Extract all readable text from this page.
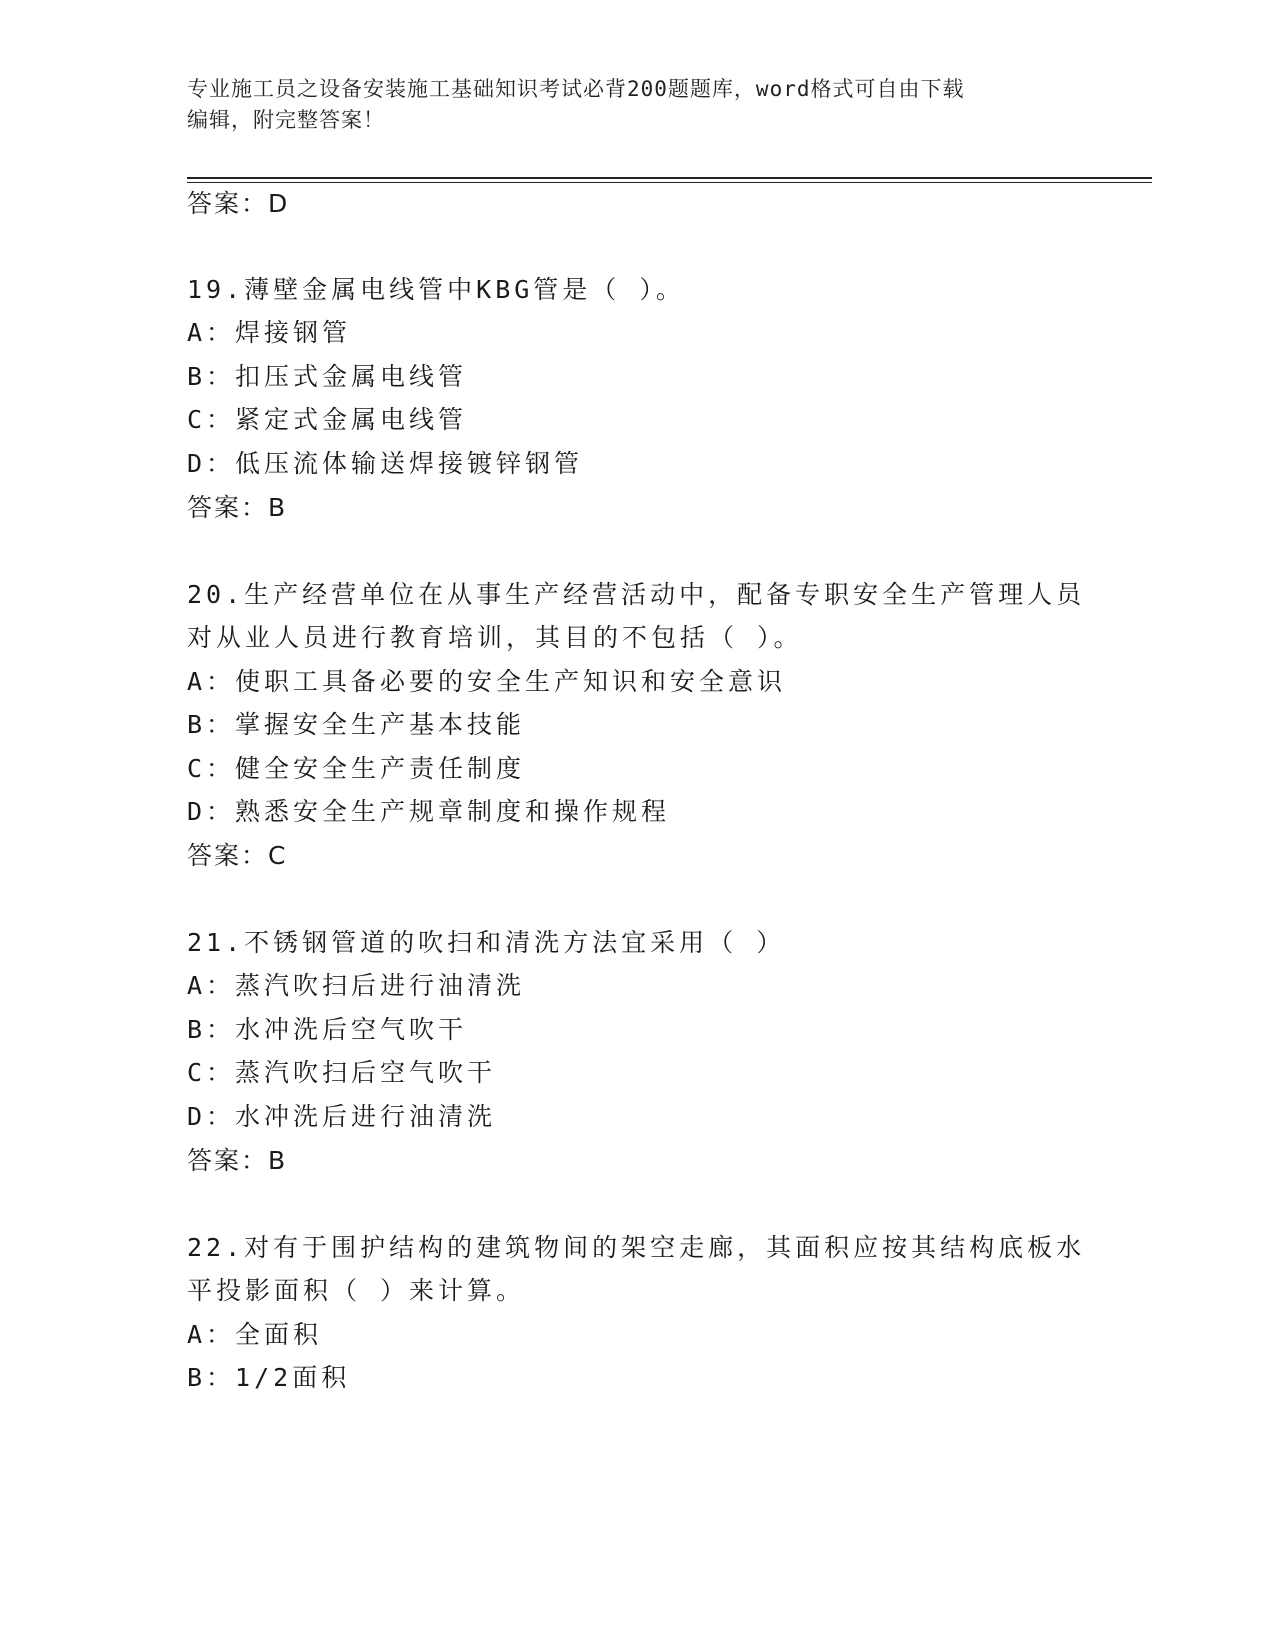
专业施工员之设备安装施工基础知识考试必背200题题库，word格式可自由下载
编辑，附完整答案！
答案：D
19.薄壁金属电线管中KBG管是（ ）。
A：焊接钢管
B：扣压式金属电线管
C：紧定式金属电线管
D：低压流体输送焊接镀锌钢管
答案：B
20.生产经营单位在从事生产经营活动中，配备专职安全生产管理人员
对从业人员进行教育培训，其目的不包括（ ）。
A：使职工具备必要的安全生产知识和安全意识
B：掌握安全生产基本技能
C：健全安全生产责任制度
D：熟悉安全生产规章制度和操作规程
答案：C
21.不锈钢管道的吹扫和清洗方法宜采用（ ）
A：蒸汽吹扫后进行油清洗
B：水冲洗后空气吹干
C：蒸汽吹扫后空气吹干
D：水冲洗后进行油清洗
答案：B
22.对有于围护结构的建筑物间的架空走廊，其面积应按其结构底板水
平投影面积（ ）来计算。
A：全面积
B：1/2面积
